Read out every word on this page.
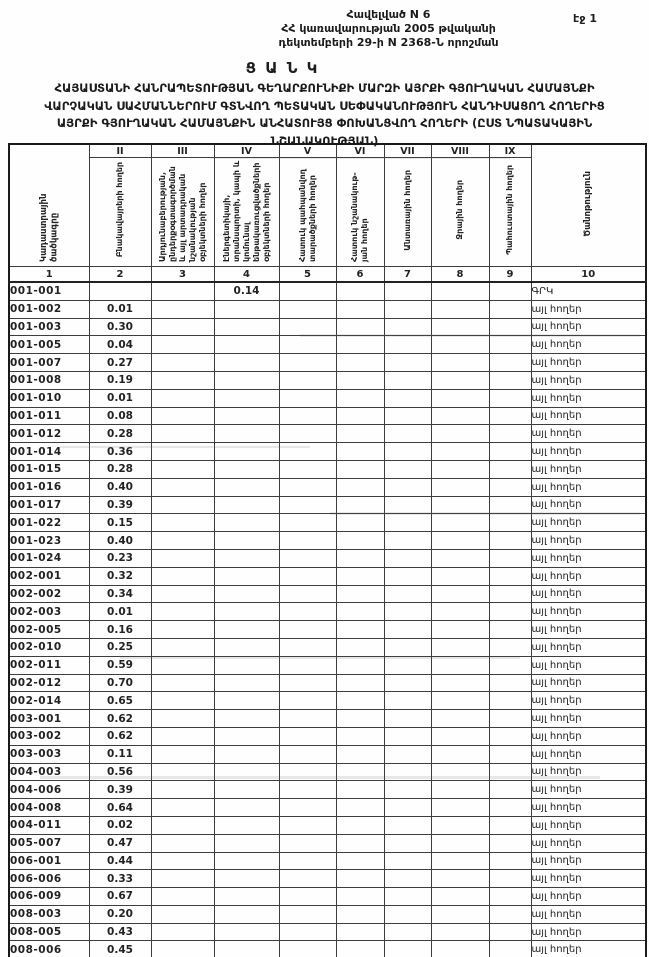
Հավելված N 6
ՀՀ կառավարության 2005 թվականի
դեկտեմբերի 29-ի N 2368-Ն որոշման
էջ 1
Ց Ա Ն Կ
ՀԱՅԱՍՏԱՆԻ ՀԱՆՐԱՊԵՏՈՒԹՅԱՆ ԳԵՂԱՐՔՈՒՆԻՔԻ ՄԱՐԶԻ ԱՅՐՔԻ ԳՅՈՒՂԱԿԱՆ ՀԱՄԱՅՆՔԻ
ՎԱՐՉԱԿԱՆ ՍԱՀՄԱՆՆԵՐՈՒՄ ԳՏՆՎՈՂ ՊԵՏԱԿԱՆ ՍԵՓԱԿԱՆՈՒԹՅՈՒՆ ՀԱՆԴԻՍԱՑՈՂ ՀՈՂԵՐԻՑ
ԱՅՐՔԻ ԳՅՈՒՂԱԿԱՆ ՀԱՄԱՅՆՔԻՆ ԱՆՀԱՏՈՒՅՑ ՓՈԽԱՆՑՎՈՂ ՀՈՂԵՐԻ (ԸՍՏ ՆՊԱՏԱԿԱՅԻՆ
ՆՇԱՆԱԿՈՒԹՅԱՆ)
Կադաստրային ծածկագրը	II	III	IV	V	VI	VII	VIII	IX	Ծանոթություն
	Բնակավայրերի հողեր	Արդյունաբերության, ընդերքօգտագործման և այլ արտադրական նշանակության օբյեկտների հողեր	Էներգետիկայի, տրանսպորտի, կապի և կոմունալ ենթակառուցվածքների օբյեկտների հողեր	Հատուկ պահպանվող տարածքների հողեր	Հատուկ նշանակութ-յան հողեր	Անտառային հողեր	Ջրային հողեր	Պահուստային հողեր	
1	2	3	4	5	6	7	8	9	10
001-001			0.14						ԳՐԿ
001-002	0.01								այլ հողեր
001-003	0.30								այլ հողեր
001-005	0.04								այլ հողեր
001-007	0.27								այլ հողեր
001-008	0.19								այլ հողեր
001-010	0.01								այլ հողեր
001-011	0.08								այլ հողեր
001-012	0.28								այլ հողեր
001-014	0.36								այլ հողեր
001-015	0.28								այլ հողեր
001-016	0.40								այլ հողեր
001-017	0.39								այլ հողեր
001-022	0.15								այլ հողեր
001-023	0.40								այլ հողեր
001-024	0.23								այլ հողեր
002-001	0.32								այլ հողեր
002-002	0.34								այլ հողեր
002-003	0.01								այլ հողեր
002-005	0.16								այլ հողեր
002-010	0.25								այլ հողեր
002-011	0.59								այլ հողեր
002-012	0.70								այլ հողեր
002-014	0.65								այլ հողեր
003-001	0.62								այլ հողեր
003-002	0.62								այլ հողեր
003-003	0.11								այլ հողեր
004-003	0.56								այլ հողեր
004-006	0.39								այլ հողեր
004-008	0.64								այլ հողեր
004-011	0.02								այլ հողեր
005-007	0.47								այլ հողեր
006-001	0.44								այլ հողեր
006-006	0.33								այլ հողեր
006-009	0.67								այլ հողեր
008-003	0.20								այլ հողեր
008-005	0.43								այլ հողեր
008-006	0.45								այլ հողեր
